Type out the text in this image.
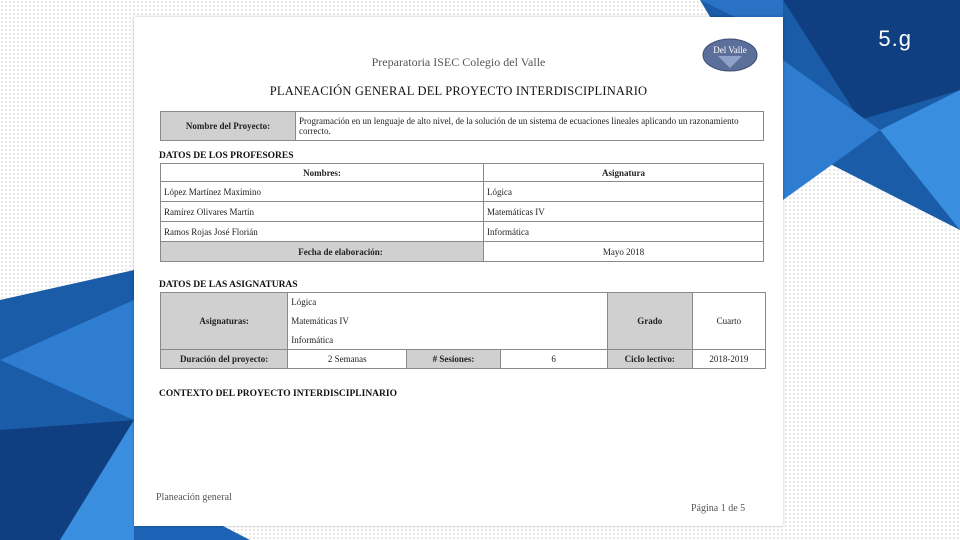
5.g
Preparatoria ISEC Colegio del Valle
Del Valle
PLANEACIÓN GENERAL DEL PROYECTO INTERDISCIPLINARIO
Nombre del Proyecto:	Programación en un lenguaje de alto nivel, de la solución de un sistema de ecuaciones lineales aplicando un razonamiento correcto.
DATOS DE LOS PROFESORES
Nombres:	Asignatura
López Martínez Maximino	Lógica
Ramírez Olivares Martín	Matemáticas IV
Ramos Rojas José Florián	Informática
Fecha de elaboración:	Mayo 2018
DATOS DE LAS ASIGNATURAS
Asignaturas:	Lógica			Grado	Cuarto
	Matemáticas IV				
	Informática				
Duración del proyecto:	2 Semanas	# Sesiones:	6	Ciclo lectivo:	2018-2019
CONTEXTO DEL PROYECTO INTERDISCIPLINARIO
Planeación general
Página 1 de 5
